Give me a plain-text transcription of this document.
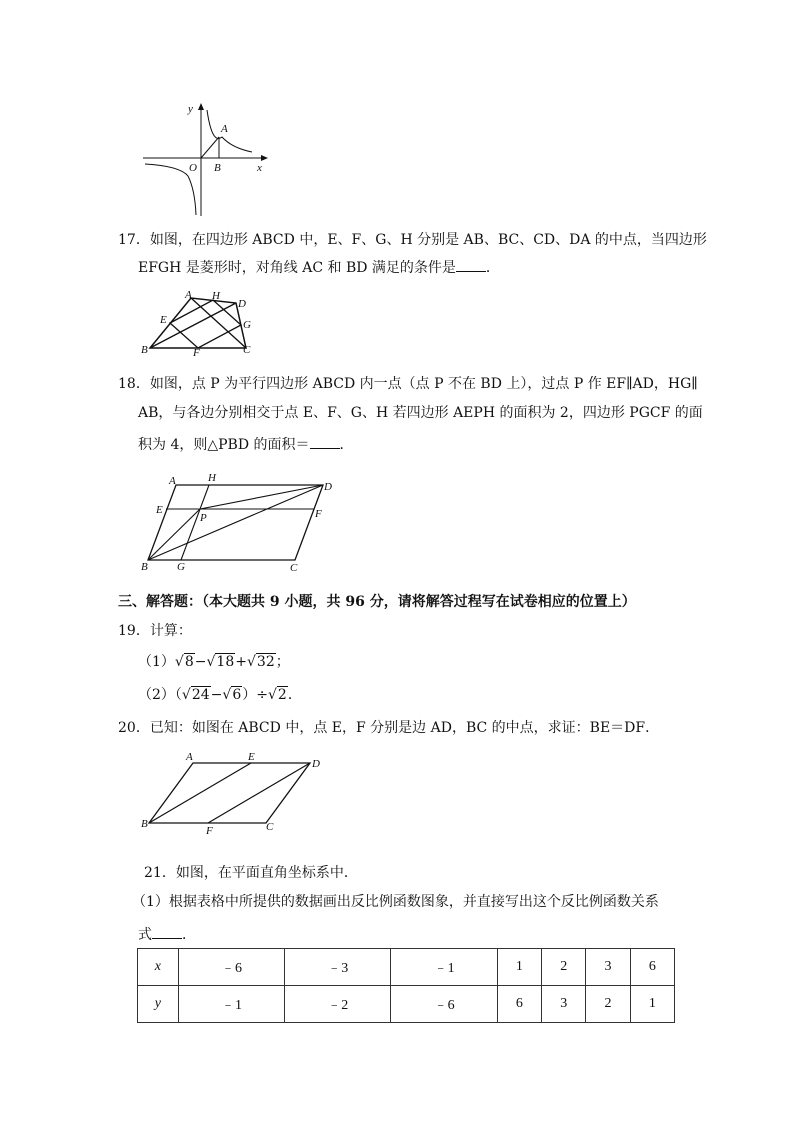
y
A
O B	x
17．如图，在四边形 ABCD 中，E、F、G、H 分别是 AB、BC、CD、DA 的中点，当四边形
EFGH 是菱形时，对角线 AC 和 BD 满足的条件是 ．
A H
D
E	G
B	F	C
18．如图，点 P 为平行四边形 ABCD 内一点（点 P 不在 BD 上），过点 P 作 EF∥AD，HG∥
AB，与各边分别相交于点 E、F、G、H 若四边形 AEPH 的面积为 2，四边形 PGCF 的面
积为 4，则△PBD 的面积＝ ．
A	H
D
E
P	F
B	G	C
三、解答题：（本大题共 9 小题，共 96 分，请将解答过程写在试卷相应的位置上）
19．计算：
（1）√8−√18+√32；
（2）（√24−√6）÷√2．
20．已知：如图在 ABCD 中，点 E，F 分别是边 AD，BC 的中点，求证：BE＝DF．
A	E
D
B
F	C
21．如图，在平面直角坐标系中．
（1）根据表格中所提供的数据画出反比例函数图象，并直接写出这个反比例函数关系
式 ．
x	﹣6	﹣3	﹣1	1	2	3	6
y	﹣1	﹣2	﹣6	6	3	2	1
